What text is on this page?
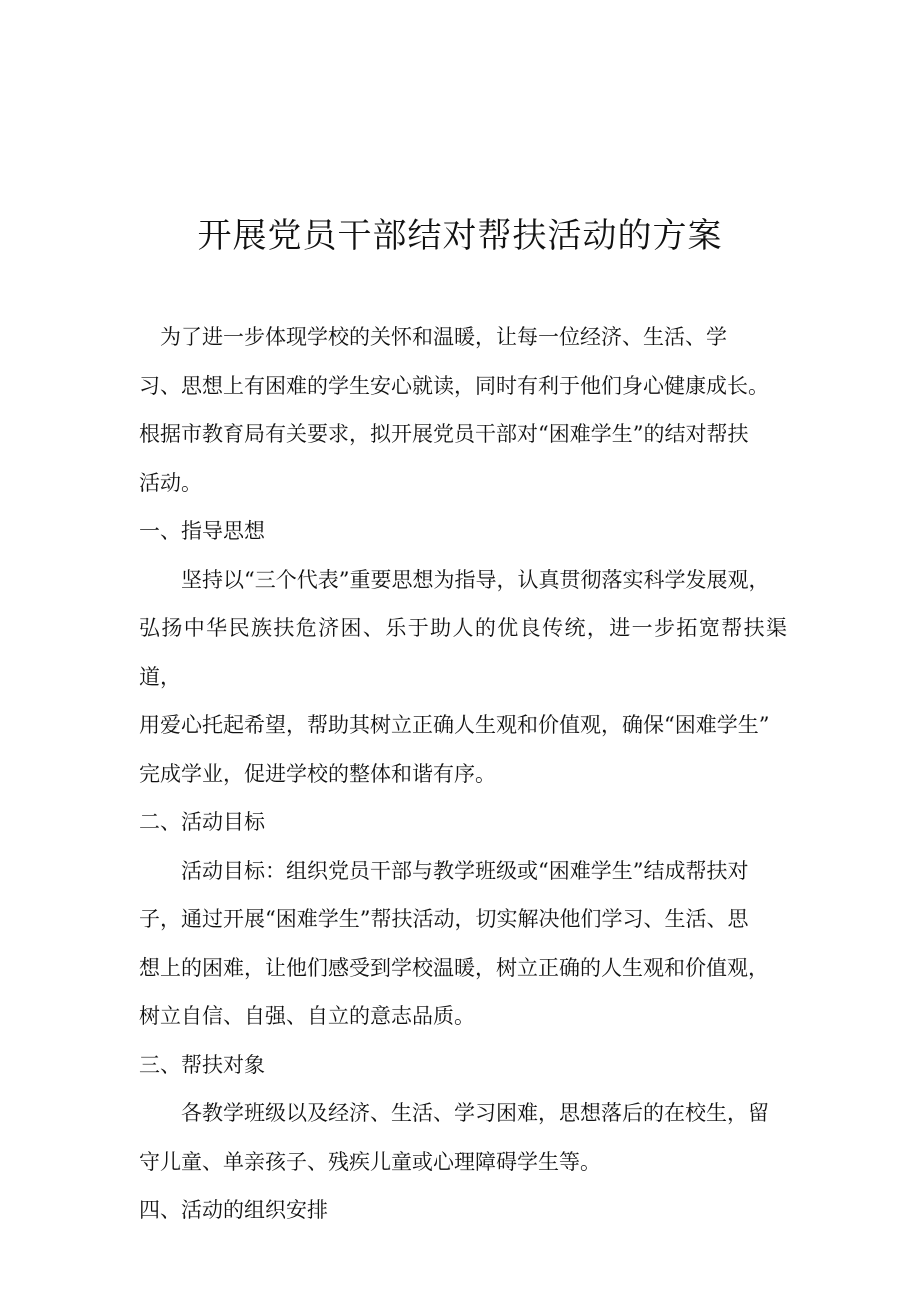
开展党员干部结对帮扶活动的方案
　为了进一步体现学校的关怀和温暖，让每一位经济、生活、学
习、思想上有困难的学生安心就读，同时有利于他们身心健康成长。
根据市教育局有关要求，拟开展党员干部对“困难学生”的结对帮扶
活动。
一、指导思想
　　坚持以“三个代表”重要思想为指导，认真贯彻落实科学发展观，
弘扬中华民族扶危济困、乐于助人的优良传统，进一步拓宽帮扶渠道，
用爱心托起希望，帮助其树立正确人生观和价值观，确保“困难学生”
完成学业，促进学校的整体和谐有序。
二、活动目标
　　活动目标：组织党员干部与教学班级或“困难学生”结成帮扶对
子，通过开展“困难学生”帮扶活动，切实解决他们学习、生活、思
想上的困难，让他们感受到学校温暖，树立正确的人生观和价值观，
树立自信、自强、自立的意志品质。
三、帮扶对象
　　各教学班级以及经济、生活、学习困难，思想落后的在校生，留
守儿童、单亲孩子、残疾儿童或心理障碍学生等。
四、活动的组织安排
